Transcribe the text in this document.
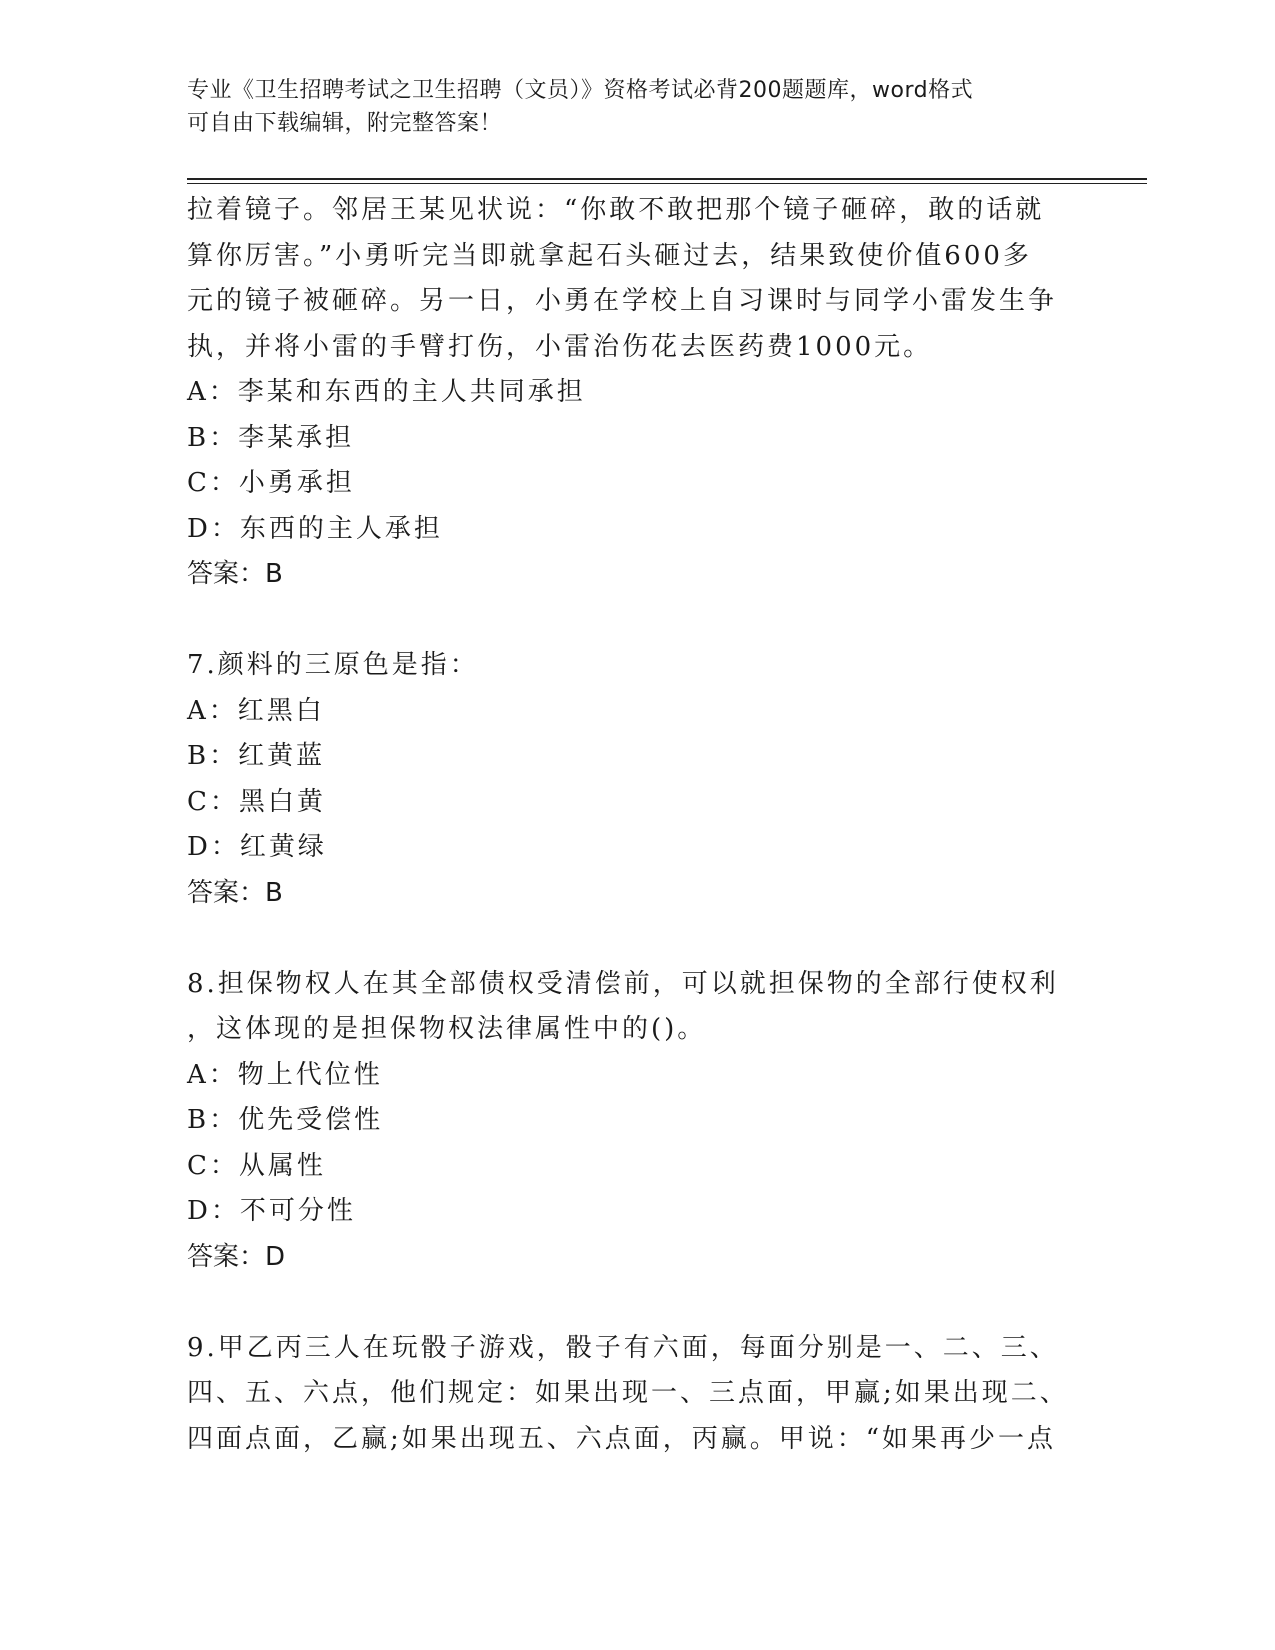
专业《卫生招聘考试之卫生招聘（文员）》资格考试必背200题题库，word格式
可自由下载编辑，附完整答案！
拉着镜子。邻居王某见状说：“你敢不敢把那个镜子砸碎，敢的话就
算你厉害。”小勇听完当即就拿起石头砸过去，结果致使价值600多
元的镜子被砸碎。另一日，小勇在学校上自习课时与同学小雷发生争
执，并将小雷的手臂打伤，小雷治伤花去医药费1000元。
A：李某和东西的主人共同承担
B：李某承担
C：小勇承担
D：东西的主人承担
答案：B
7.颜料的三原色是指：
A：红黑白
B：红黄蓝
C：黑白黄
D：红黄绿
答案：B
8.担保物权人在其全部债权受清偿前，可以就担保物的全部行使权利
，这体现的是担保物权法律属性中的()。
A：物上代位性
B：优先受偿性
C：从属性
D：不可分性
答案：D
9.甲乙丙三人在玩骰子游戏，骰子有六面，每面分别是一、二、三、
四、五、六点，他们规定：如果出现一、三点面，甲赢;如果出现二、
四面点面，乙赢;如果出现五、六点面，丙赢。甲说：“如果再少一点
